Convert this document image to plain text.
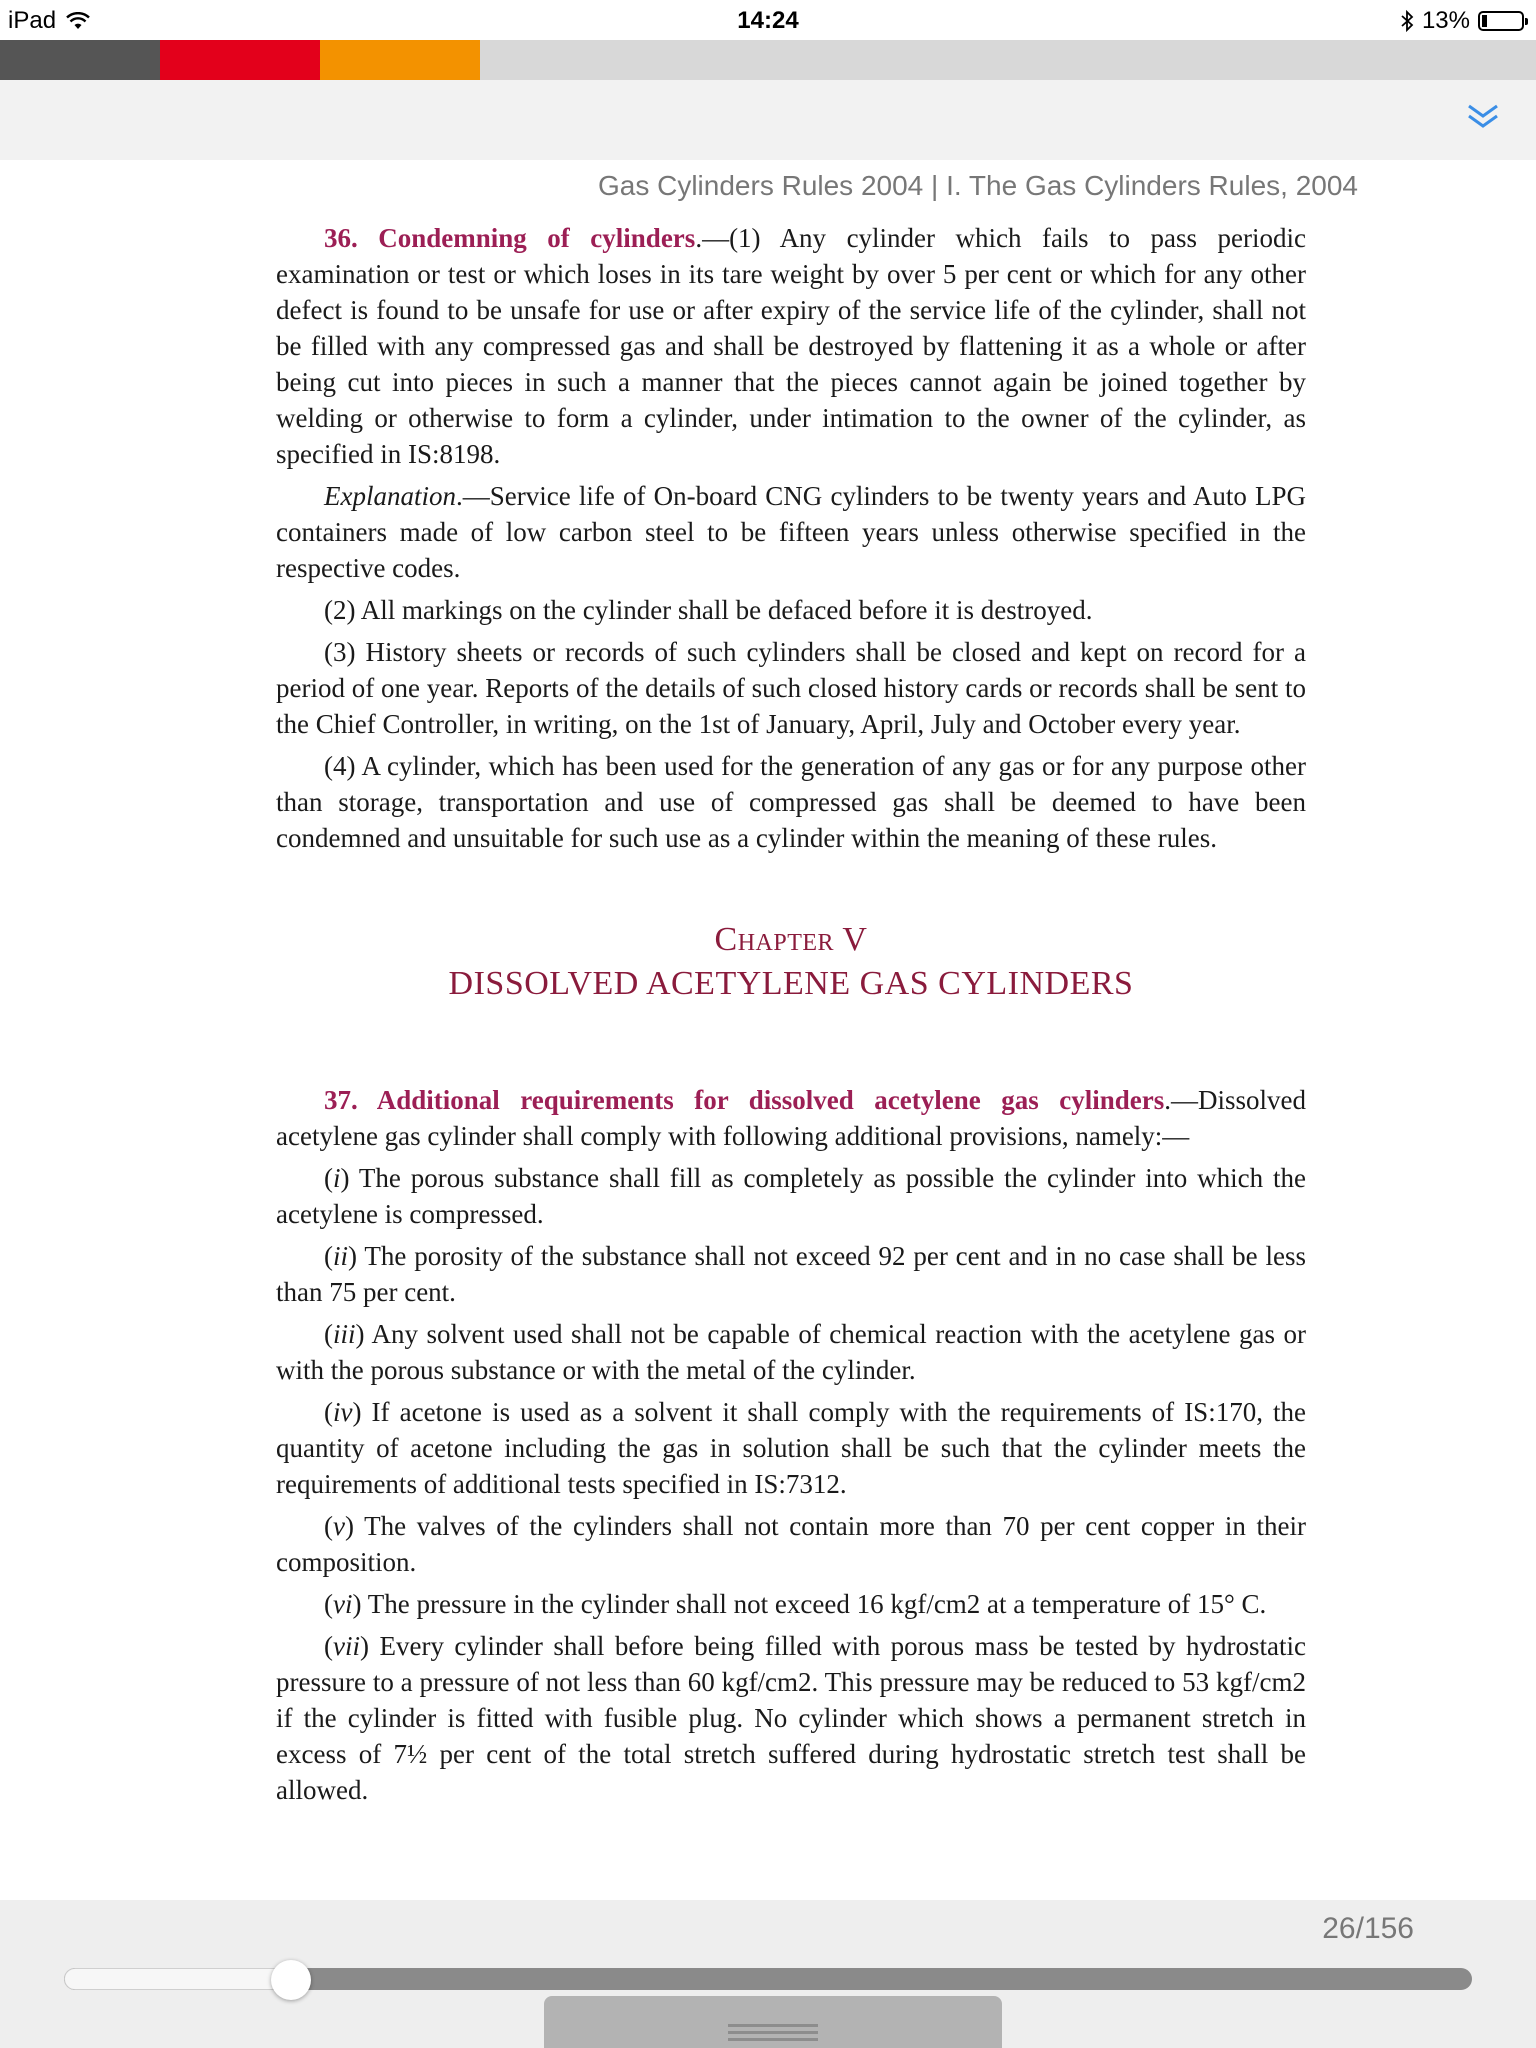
iPad	14:24	13%
Gas Cylinders Rules 2004 | I. The Gas Cylinders Rules, 2004

36. Condemning of cylinders.—(1) Any cylinder which fails to pass periodic examination or test or which loses in its tare weight by over 5 per cent or which for any other defect is found to be unsafe for use or after expiry of the service life of the cylinder, shall not be filled with any compressed gas and shall be destroyed by flattening it as a whole or after being cut into pieces in such a manner that the pieces cannot again be joined together by welding or otherwise to form a cylinder, under intimation to the owner of the cylinder, as specified in IS:8198.

Explanation.—Service life of On-board CNG cylinders to be twenty years and Auto LPG containers made of low carbon steel to be fifteen years unless otherwise specified in the respective codes.

(2) All markings on the cylinder shall be defaced before it is destroyed.

(3) History sheets or records of such cylinders shall be closed and kept on record for a period of one year. Reports of the details of such closed history cards or records shall be sent to the Chief Controller, in writing, on the 1st of January, April, July and October every year.

(4) A cylinder, which has been used for the generation of any gas or for any purpose other than storage, transportation and use of compressed gas shall be deemed to have been condemned and unsuitable for such use as a cylinder within the meaning of these rules.

Chapter V
DISSOLVED ACETYLENE GAS CYLINDERS

37. Additional requirements for dissolved acetylene gas cylinders.—Dissolved acetylene gas cylinder shall comply with following additional provisions, namely:—

(i) The porous substance shall fill as completely as possible the cylinder into which the acetylene is compressed.

(ii) The porosity of the substance shall not exceed 92 per cent and in no case shall be less than 75 per cent.

(iii) Any solvent used shall not be capable of chemical reaction with the acetylene gas or with the porous substance or with the metal of the cylinder.

(iv) If acetone is used as a solvent it shall comply with the requirements of IS:170, the quantity of acetone including the gas in solution shall be such that the cylinder meets the requirements of additional tests specified in IS:7312.

(v) The valves of the cylinders shall not contain more than 70 per cent copper in their composition.

(vi) The pressure in the cylinder shall not exceed 16 kgf/cm2 at a temperature of 15° C.

(vii) Every cylinder shall before being filled with porous mass be tested by hydrostatic pressure to a pressure of not less than 60 kgf/cm2. This pressure may be reduced to 53 kgf/cm2 if the cylinder is fitted with fusible plug. No cylinder which shows a permanent stretch in excess of 7½ per cent of the total stretch suffered during hydrostatic stretch test shall be allowed.

26/156
